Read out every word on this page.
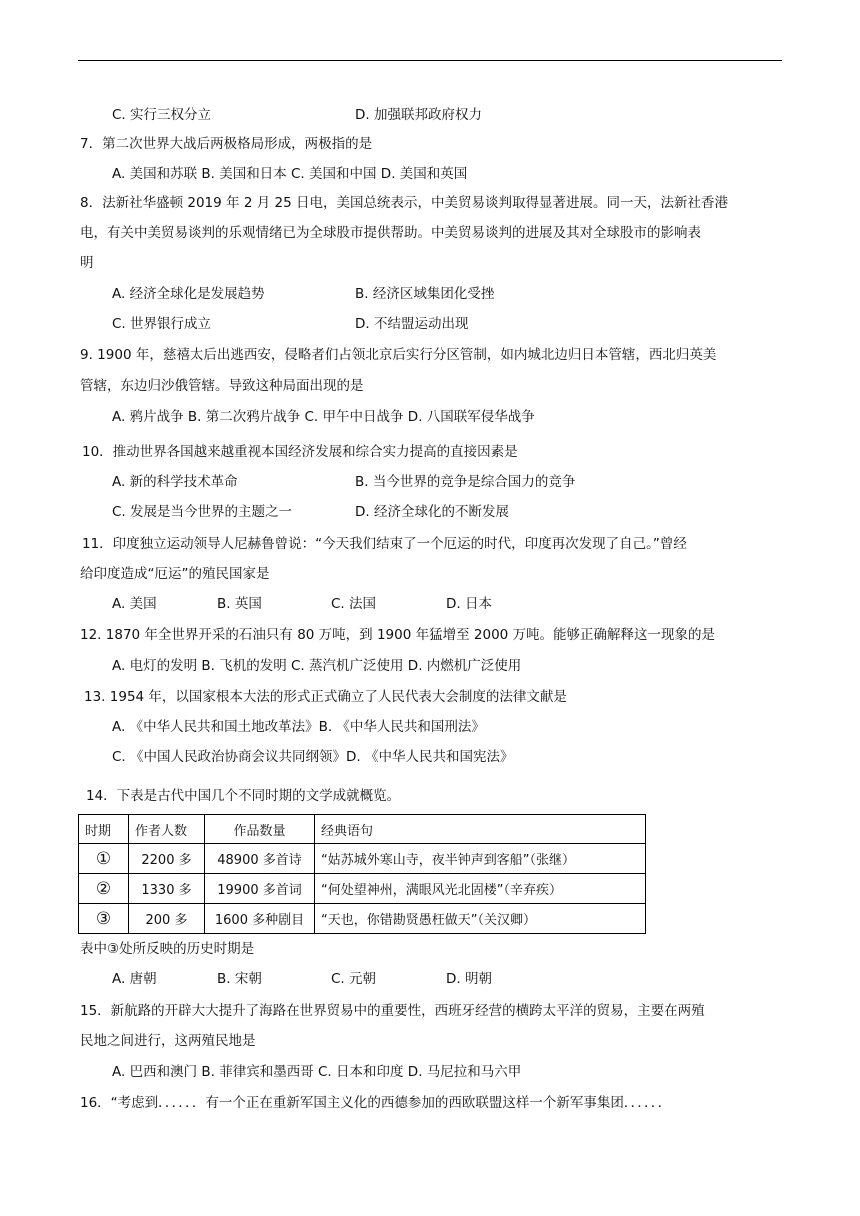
C. 实行三权分立	D. 加强联邦政府权力
7．第二次世界大战后两极格局形成，两极指的是
A. 美国和苏联 B. 美国和日本 C. 美国和中国 D. 美国和英国
8．法新社华盛顿 2019 年 2 月 25 日电，美国总统表示，中美贸易谈判取得显著进展。同一天，法新社香港
电，有关中美贸易谈判的乐观情绪已为全球股市提供帮助。中美贸易谈判的进展及其对全球股市的影响表
明
A. 经济全球化是发展趋势	B. 经济区域集团化受挫
C. 世界银行成立	D. 不结盟运动出现
9. 1900 年，慈禧太后出逃西安，侵略者们占领北京后实行分区管制，如内城北边归日本管辖，西北归英美
管辖，东边归沙俄管辖。导致这种局面出现的是
A. 鸦片战争 B. 第二次鸦片战争 C. 甲午中日战争 D. 八国联军侵华战争
10．推动世界各国越来越重视本国经济发展和综合实力提高的直接因素是
A. 新的科学技术革命	B. 当今世界的竞争是综合国力的竞争
C. 发展是当今世界的主题之一	D. 经济全球化的不断发展
11．印度独立运动领导人尼赫鲁曾说：“今天我们结束了一个厄运的时代，印度再次发现了自己。”曾经
给印度造成“厄运”的殖民国家是
A. 美国	B. 英国	C. 法国	D. 日本
12. 1870 年全世界开采的石油只有 80 万吨，到 1900 年猛增至 2000 万吨。能够正确解释这一现象的是
A. 电灯的发明 B. 飞机的发明 C. 蒸汽机广泛使用 D. 内燃机广泛使用
13. 1954 年，以国家根本大法的形式正式确立了人民代表大会制度的法律文献是
A. 《中华人民共和国土地改革法》B. 《中华人民共和国刑法》
C. 《中国人民政治协商会议共同纲领》D. 《中华人民共和国宪法》
14．下表是古代中国几个不同时期的文学成就概览。
时期	作者人数	作品数量	经典语句
①	2200 多	48900 多首诗	“姑苏城外寒山寺，夜半钟声到客船”（张继）
②	1330 多	19900 多首词	“何处望神州，满眼风光北固楼”（辛弃疾）
③	200 多	1600 多种剧目	“天也，你错勘贤愚枉做天”（关汉卿）
表中③处所反映的历史时期是
A. 唐朝	B. 宋朝	C. 元朝	D. 明朝
15．新航路的开辟大大提升了海路在世界贸易中的重要性，西班牙经营的横跨太平洋的贸易，主要在两殖
民地之间进行，这两殖民地是
A. 巴西和澳门 B. 菲律宾和墨西哥 C. 日本和印度 D. 马尼拉和马六甲
16．“考虑到．．．．．．有一个正在重新军国主义化的西德参加的西欧联盟这样一个新军事集团．．．．．．
